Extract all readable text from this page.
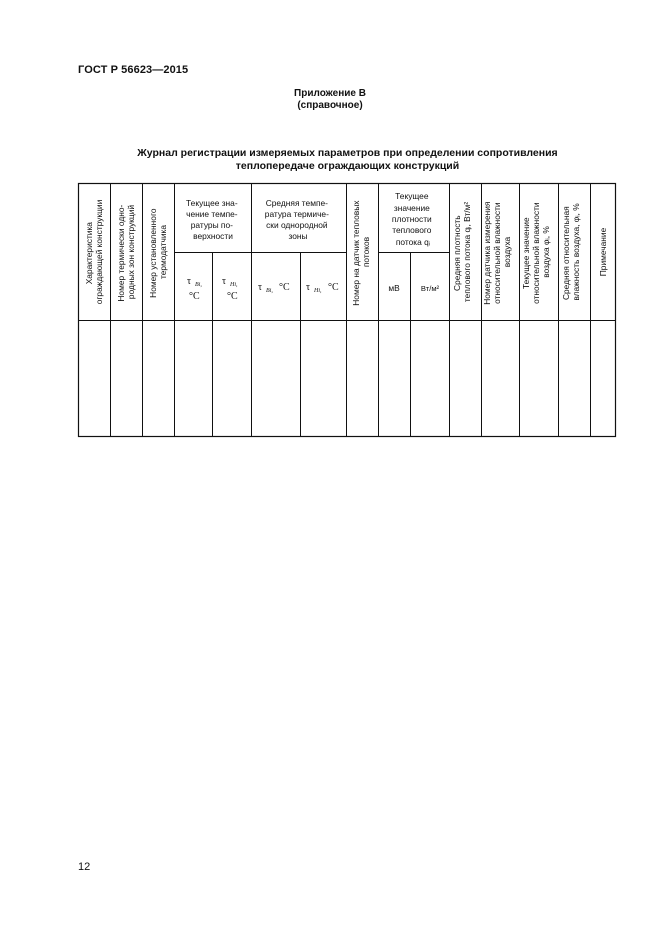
ГОСТ Р 56623—2015
Приложение В
(справочное)
Журнал регистрации измеряемых параметров при определении сопротивления
теплопередаче ограждающих конструкций
Характеристика ограждающей конструкции Номер термически одно- родных зон конструкций Номер установленного термодатчика
Текущее зна- чение темпе- ратуры по- верхности
τ Bi,
°C
τ Hi,
°C
Средняя темпе- ратура термиче- ски однородной зоны
τ Bi, °C τ Hi, °C Номер на датчик тепловых потоков
Текущее значение плотности теплового потока qᵢ
мВ	Вт/м² Средняя плотность теплового потока qᵢ, Вт/м² Номер датчика измерения относительной влажности воздуха Текущее значение относительной влажности воздуха φᵢ, % Средняя относительная влажность воздуха, φᵢ, % Примечание
12
